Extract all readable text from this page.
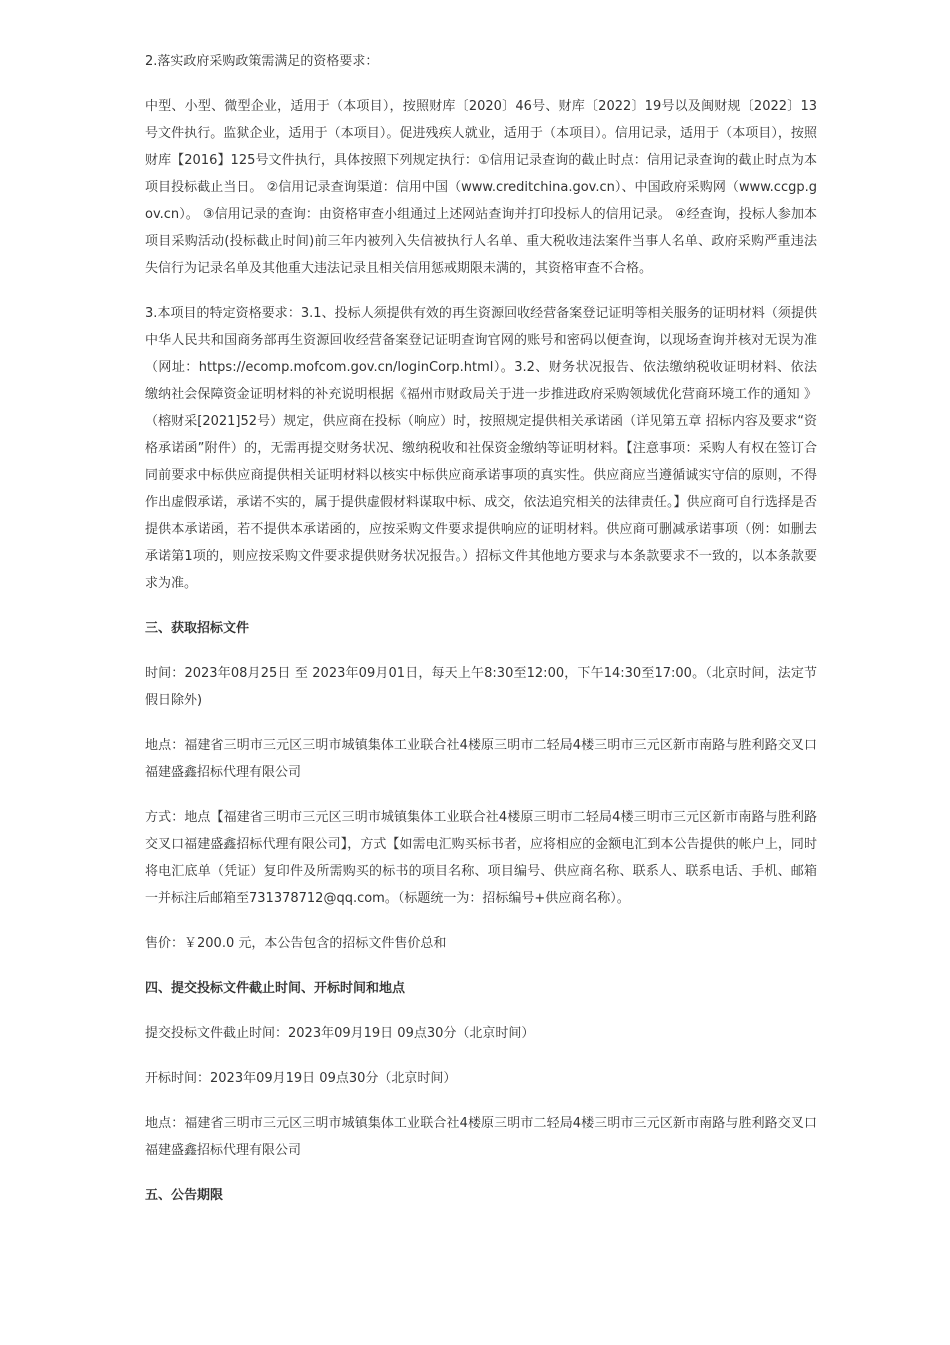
2.落实政府采购政策需满足的资格要求：

中型、小型、微型企业，适用于（本项目），按照财库〔2020〕46号、财库〔2022〕19号以及闽财规〔2022〕13号文件执行。监狱企业，适用于（本项目）。促进残疾人就业，适用于（本项目）。信用记录，适用于（本项目），按照财库【2016】125号文件执行，具体按照下列规定执行：①信用记录查询的截止时点：信用记录查询的截止时点为本项目投标截止当日。 ②信用记录查询渠道：信用中国（www.creditchina.gov.cn）、中国政府采购网（www.ccgp.gov.cn）。 ③信用记录的查询：由资格审查小组通过上述网站查询并打印投标人的信用记录。 ④经查询，投标人参加本项目采购活动(投标截止时间)前三年内被列入失信被执行人名单、重大税收违法案件当事人名单、政府采购严重违法失信行为记录名单及其他重大违法记录且相关信用惩戒期限未满的，其资格审查不合格。

3.本项目的特定资格要求：3.1、投标人须提供有效的再生资源回收经营备案登记证明等相关服务的证明材料（须提供中华人民共和国商务部再生资源回收经营备案登记证明查询官网的账号和密码以便查询，以现场查询并核对无误为准（网址：https://ecomp.mofcom.gov.cn/loginCorp.html）。3.2、财务状况报告、依法缴纳税收证明材料、依法缴纳社会保障资金证明材料的补充说明根据《福州市财政局关于进一步推进政府采购领域优化营商环境工作的通知 》（榕财采[2021]52号）规定，供应商在投标（响应）时，按照规定提供相关承诺函（详见第五章 招标内容及要求“资格承诺函”附件）的，无需再提交财务状况、缴纳税收和社保资金缴纳等证明材料。【注意事项：采购人有权在签订合同前要求中标供应商提供相关证明材料以核实中标供应商承诺事项的真实性。供应商应当遵循诚实守信的原则，不得作出虚假承诺，承诺不实的，属于提供虚假材料谋取中标、成交，依法追究相关的法律责任。】供应商可自行选择是否提供本承诺函，若不提供本承诺函的，应按采购文件要求提供响应的证明材料。供应商可删减承诺事项（例：如删去承诺第1项的，则应按采购文件要求提供财务状况报告。）招标文件其他地方要求与本条款要求不一致的，以本条款要求为准。

三、获取招标文件

时间：2023年08月25日 至 2023年09月01日，每天上午8:30至12:00，下午14:30至17:00。（北京时间，法定节假日除外)

地点：福建省三明市三元区三明市城镇集体工业联合社4楼原三明市二轻局4楼三明市三元区新市南路与胜利路交叉口福建盛鑫招标代理有限公司

方式：地点【福建省三明市三元区三明市城镇集体工业联合社4楼原三明市二轻局4楼三明市三元区新市南路与胜利路交叉口福建盛鑫招标代理有限公司】，方式【如需电汇购买标书者，应将相应的金额电汇到本公告提供的帐户上，同时将电汇底单（凭证）复印件及所需购买的标书的项目名称、项目编号、供应商名称、联系人、联系电话、手机、邮箱一并标注后邮箱至731378712@qq.com。（标题统一为：招标编号+供应商名称）。

售价：￥200.0 元，本公告包含的招标文件售价总和

四、提交投标文件截止时间、开标时间和地点

提交投标文件截止时间：2023年09月19日 09点30分（北京时间）

开标时间：2023年09月19日 09点30分（北京时间）

地点：福建省三明市三元区三明市城镇集体工业联合社4楼原三明市二轻局4楼三明市三元区新市南路与胜利路交叉口福建盛鑫招标代理有限公司

五、公告期限
